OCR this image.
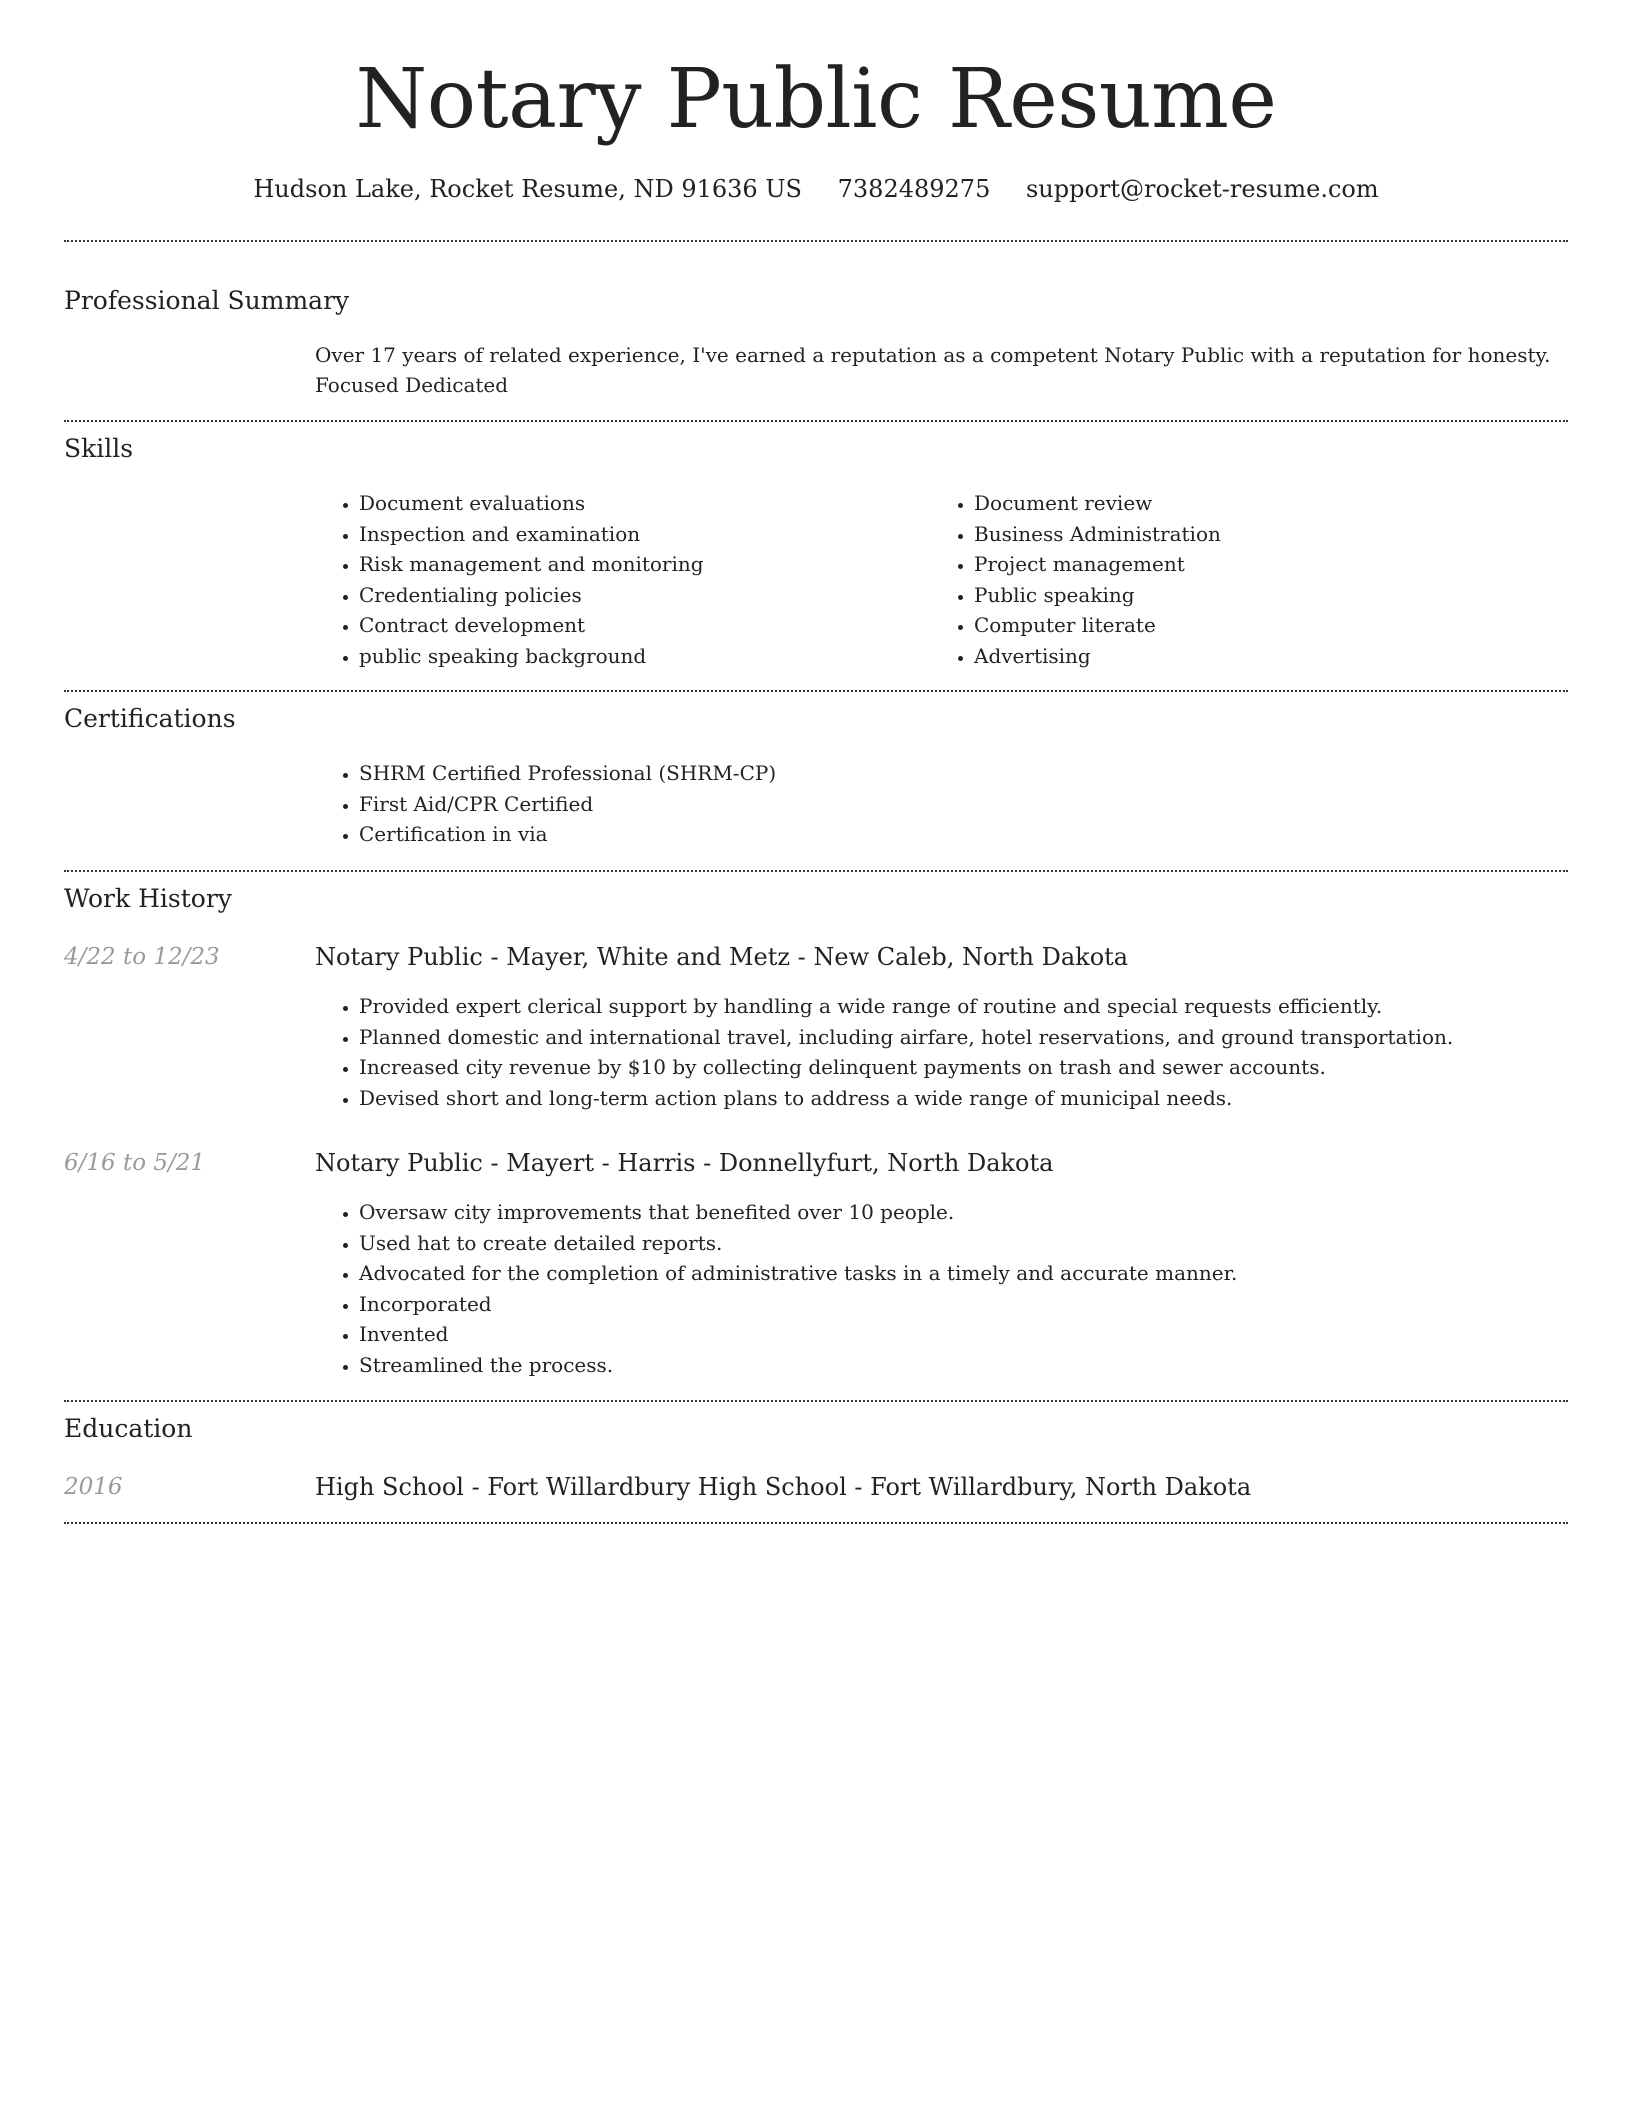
Notary Public Resume
Hudson Lake, Rocket Resume, ND 91636 US 7382489275 support@rocket-resume.com
Professional Summary
Over 17 years of related experience, I've earned a reputation as a competent Notary Public with a reputation for honesty. Focused Dedicated
Skills
• Document evaluations
• Inspection and examination
• Risk management and monitoring
• Credentialing policies
• Contract development
• public speaking background
• Document review
• Business Administration
• Project management
• Public speaking
• Computer literate
• Advertising
Certifications
• SHRM Certified Professional (SHRM-CP)
• First Aid/CPR Certified
• Certification in via
Work History
4/22 to 12/23	Notary Public - Mayer, White and Metz - New Caleb, North Dakota
• Provided expert clerical support by handling a wide range of routine and special requests efficiently.
• Planned domestic and international travel, including airfare, hotel reservations, and ground transportation.
• Increased city revenue by $10 by collecting delinquent payments on trash and sewer accounts.
• Devised short and long-term action plans to address a wide range of municipal needs.
6/16 to 5/21	Notary Public - Mayert - Harris - Donnellyfurt, North Dakota
• Oversaw city improvements that benefited over 10 people.
• Used hat to create detailed reports.
• Advocated for the completion of administrative tasks in a timely and accurate manner.
• Incorporated
• Invented
• Streamlined the process.
Education
2016	High School - Fort Willardbury High School - Fort Willardbury, North Dakota
